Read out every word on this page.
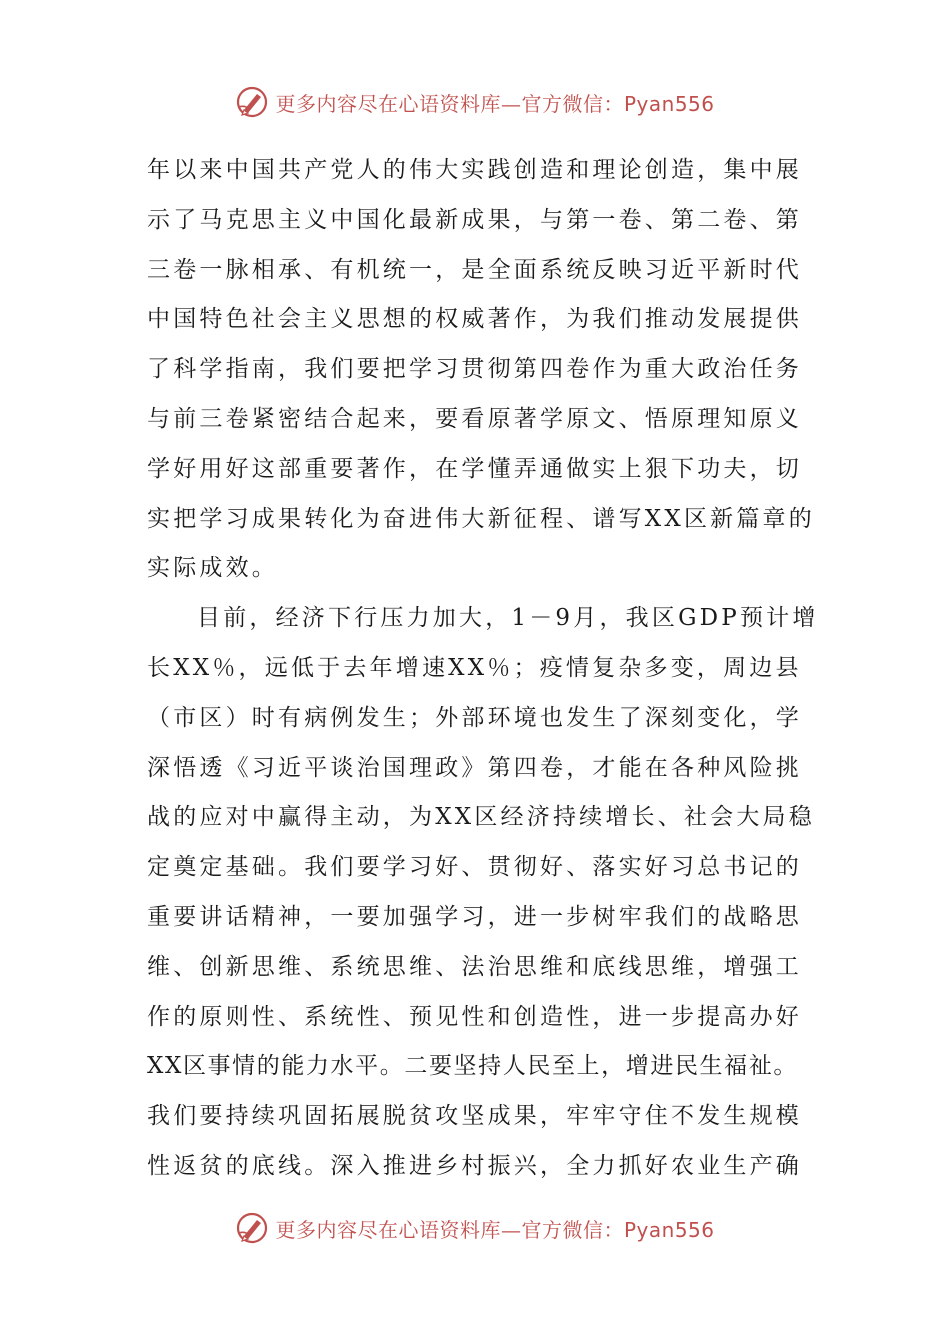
更多内容尽在心语资料库—官方微信：Pyan556
年以来中国共产党人的伟大实践创造和理论创造，集中展
示了马克思主义中国化最新成果，与第一卷、第二卷、第
三卷一脉相承、有机统一，是全面系统反映习近平新时代
中国特色社会主义思想的权威著作，为我们推动发展提供
了科学指南，我们要把学习贯彻第四卷作为重大政治任务
与前三卷紧密结合起来，要看原著学原文、悟原理知原义
学好用好这部重要著作，在学懂弄通做实上狠下功夫，切
实把学习成果转化为奋进伟大新征程、谱写XX区新篇章的
实际成效。
目前，经济下行压力加大，1－9月，我区GDP预计增
长XX％，远低于去年增速XX％；疫情复杂多变，周边县
（市区）时有病例发生；外部环境也发生了深刻变化，学
深悟透《习近平谈治国理政》第四卷，才能在各种风险挑
战的应对中赢得主动，为XX区经济持续增长、社会大局稳
定奠定基础。我们要学习好、贯彻好、落实好习总书记的
重要讲话精神，一要加强学习，进一步树牢我们的战略思
维、创新思维、系统思维、法治思维和底线思维，增强工
作的原则性、系统性、预见性和创造性，进一步提高办好
XX区事情的能力水平。二要坚持人民至上，增进民生福祉。
我们要持续巩固拓展脱贫攻坚成果，牢牢守住不发生规模
性返贫的底线。深入推进乡村振兴，全力抓好农业生产确
更多内容尽在心语资料库—官方微信：Pyan556
